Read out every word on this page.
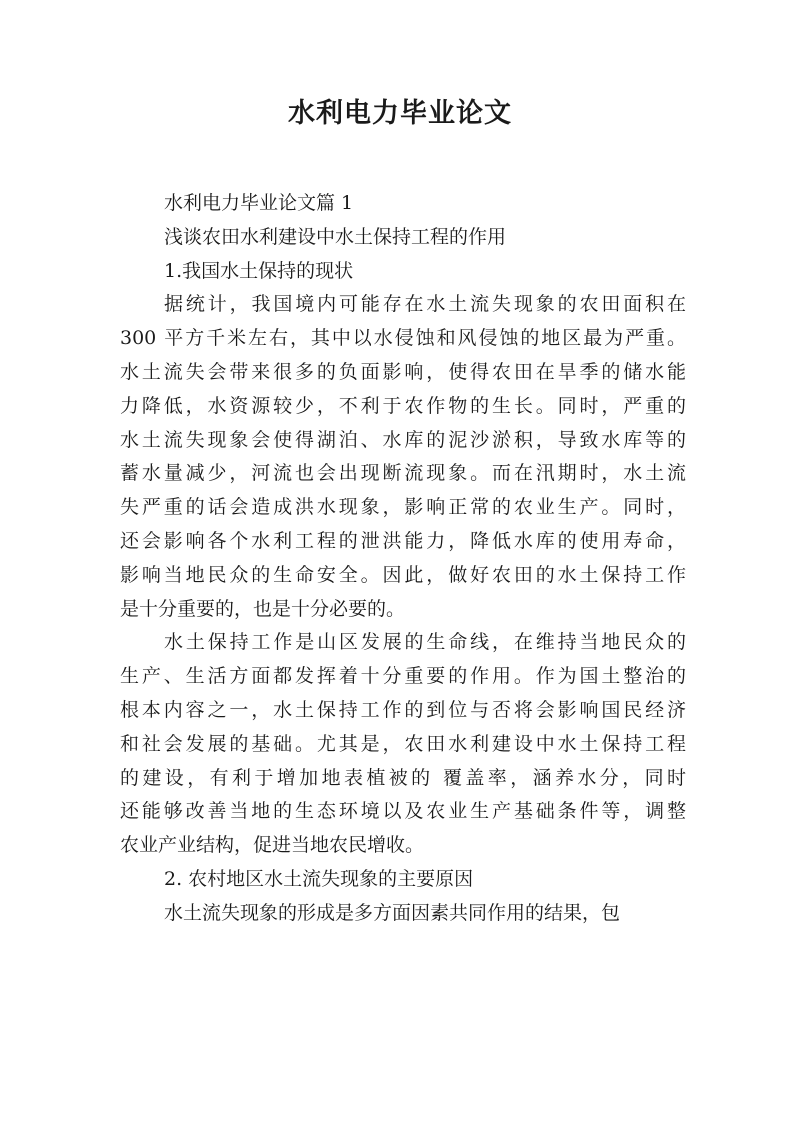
水利电力毕业论文
水利电力毕业论文篇 1
浅谈农田水利建设中水土保持工程的作用
1.我国水土保持的现状
据统计，我国境内可能存在水土流失现象的农田面积在
300 平方千米左右，其中以水侵蚀和风侵蚀的地区最为严重。
水土流失会带来很多的负面影响，使得农田在旱季的储水能
力降低，水资源较少，不利于农作物的生长。同时，严重的
水土流失现象会使得湖泊、水库的泥沙淤积，导致水库等的
蓄水量减少，河流也会出现断流现象。而在汛期时，水土流
失严重的话会造成洪水现象，影响正常的农业生产。同时，
还会影响各个水利工程的泄洪能力，降低水库的使用寿命，
影响当地民众的生命安全。因此，做好农田的水土保持工作
是十分重要的，也是十分必要的。
水土保持工作是山区发展的生命线，在维持当地民众的
生产、生活方面都发挥着十分重要的作用。作为国土整治的
根本内容之一，水土保持工作的到位与否将会影响国民经济
和社会发展的基础。尤其是，农田水利建设中水土保持工程
的建设，有利于增加地表植被的 覆盖率，涵养水分，同时
还能够改善当地的生态环境以及农业生产基础条件等，调整
农业产业结构，促进当地农民增收。
2. 农村地区水土流失现象的主要原因
水土流失现象的形成是多方面因素共同作用的结果，包
